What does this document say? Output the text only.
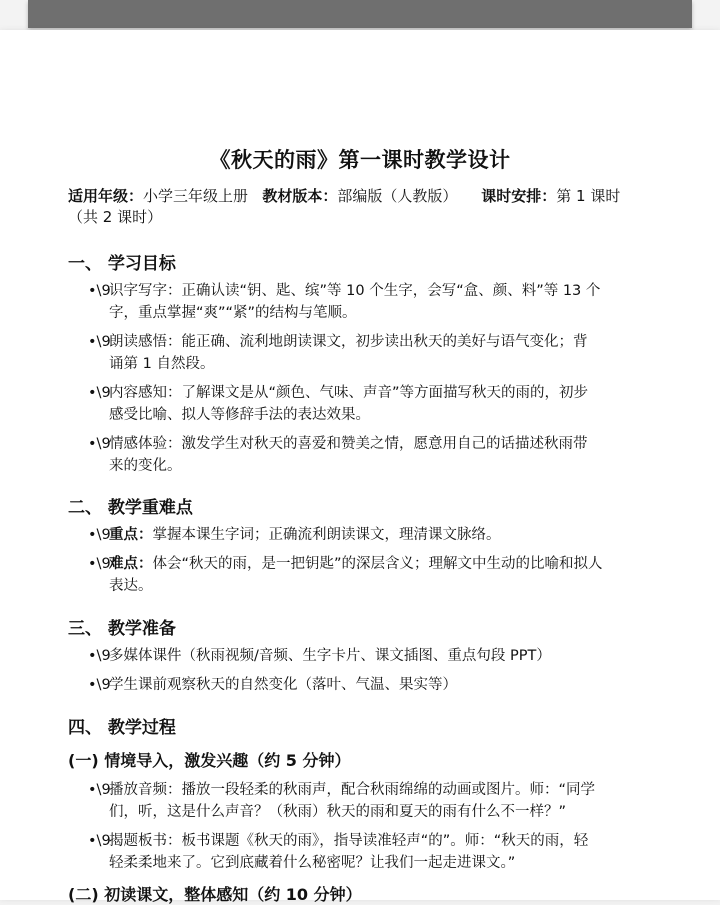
《秋天的雨》第一课时教学设计
适用年级：小学三年级上册 教材版本：部编版（人教版） 课时安排：第 1 课时
（共 2 课时）
一、 学习目标
•\9
识字写字：正确认读“钥、匙、缤”等 10 个生字，会写“盒、颜、料”等 13 个
字，重点掌握“爽”“紧”的结构与笔顺。
•\9
朗读感悟：能正确、流利地朗读课文，初步读出秋天的美好与语气变化；背
诵第 1 自然段。
•\9
内容感知：了解课文是从“颜色、气味、声音”等方面描写秋天的雨的，初步
感受比喻、拟人等修辞手法的表达效果。
•\9
情感体验：激发学生对秋天的喜爱和赞美之情，愿意用自己的话描述秋雨带
来的变化。
二、 教学重难点
•\9
重点：掌握本课生字词；正确流利朗读课文，理清课文脉络。
•\9
难点：体会“秋天的雨，是一把钥匙”的深层含义；理解文中生动的比喻和拟人
表达。
三、 教学准备
•\9
多媒体课件（秋雨视频/音频、生字卡片、课文插图、重点句段 PPT）
•\9
学生课前观察秋天的自然变化（落叶、气温、果实等）
四、 教学过程
(一) 情境导入，激发兴趣（约 5 分钟）
•\9
播放音频：播放一段轻柔的秋雨声，配合秋雨绵绵的动画或图片。师：“同学
们，听，这是什么声音？（秋雨）秋天的雨和夏天的雨有什么不一样？”
•\9
揭题板书：板书课题《秋天的雨》，指导读准轻声“的”。师：“秋天的雨，轻
轻柔柔地来了。它到底藏着什么秘密呢？让我们一起走进课文。”
(二) 初读课文，整体感知（约 10 分钟）
